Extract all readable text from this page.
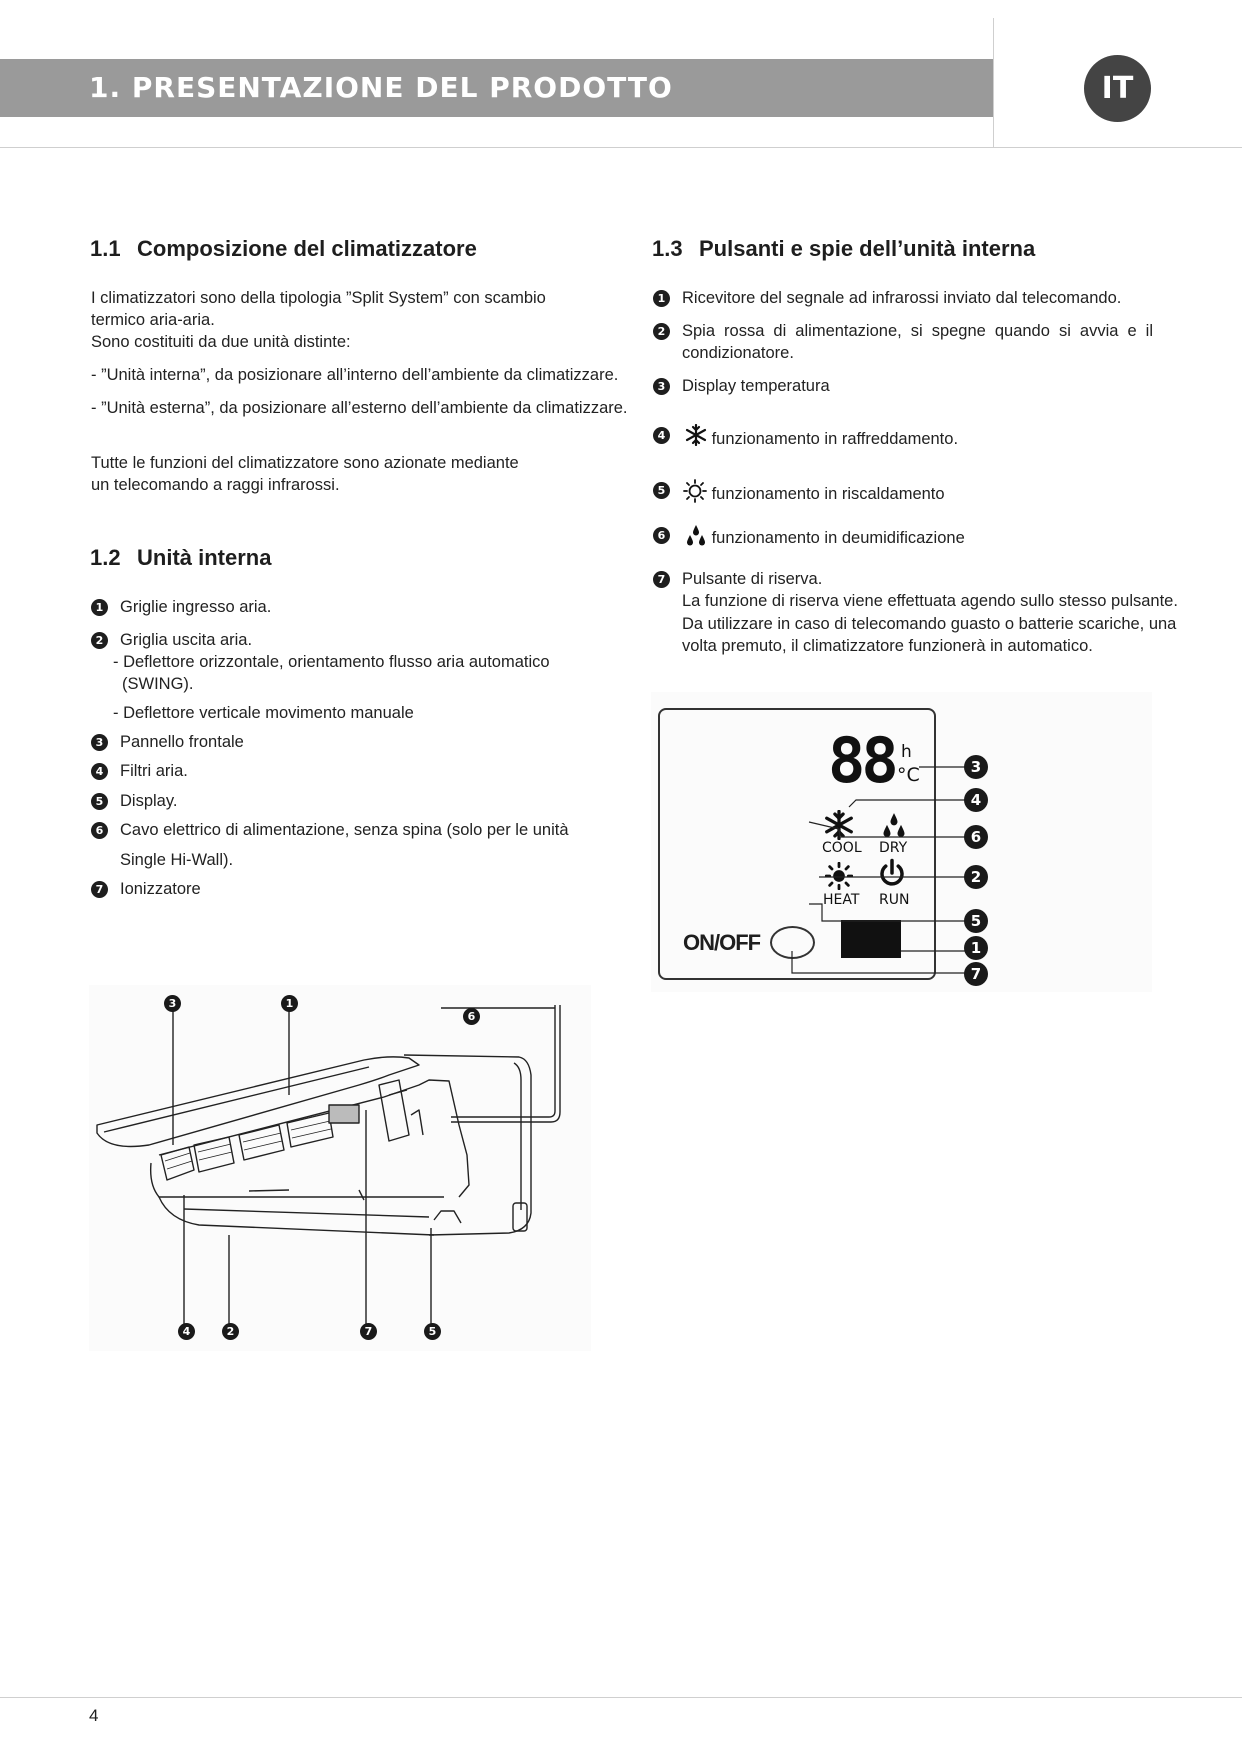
1. PRESENTAZIONE DEL PRODOTTO	IT
1.1 Composizione del climatizzatore
I climatizzatori sono della tipologia ”Split System” con scambio termico aria-aria.
Sono costituiti da due unità distinte:
- ”Unità interna”, da posizionare all’interno dell’ambiente da climatizzare.
- ”Unità esterna”, da posizionare all’esterno dell’ambiente da climatizzare.
Tutte le funzioni del climatizzatore sono azionate mediante un telecomando a raggi infrarossi.
1.2 Unità interna
1 Griglie ingresso aria.
2 Griglia uscita aria.
- Deflettore orizzontale, orientamento flusso aria automatico
(SWING).
- Deflettore verticale movimento manuale
3 Pannello frontale
4 Filtri aria.
5 Display.
6 Cavo elettrico di alimentazione, senza spina (solo per le unità
Single Hi-Wall).
7 Ionizzatore
1.3 Pulsanti e spie dell’unità interna
1 Ricevitore del segnale ad infrarossi inviato dal telecomando.
2 Spia rossa di alimentazione, si spegne quando si avvia e il
condizionatore.
3 Display temperatura
4	funzionamento in raffreddamento.
5	funzionamento in riscaldamento
6	funzionamento in deumidificazione
7 Pulsante di riserva.
La funzione di riserva viene effettuata agendo sullo stesso pulsante.
Da utilizzare in caso di telecomando guasto o batterie scariche, una
volta premuto, il climatizzatore funzionerà in automatico.
88 h
°C
COOL DRY
HEAT RUN
ON/OFF
3
4
6
2
5
1
7
3	1
6
4	2	7	5
4
